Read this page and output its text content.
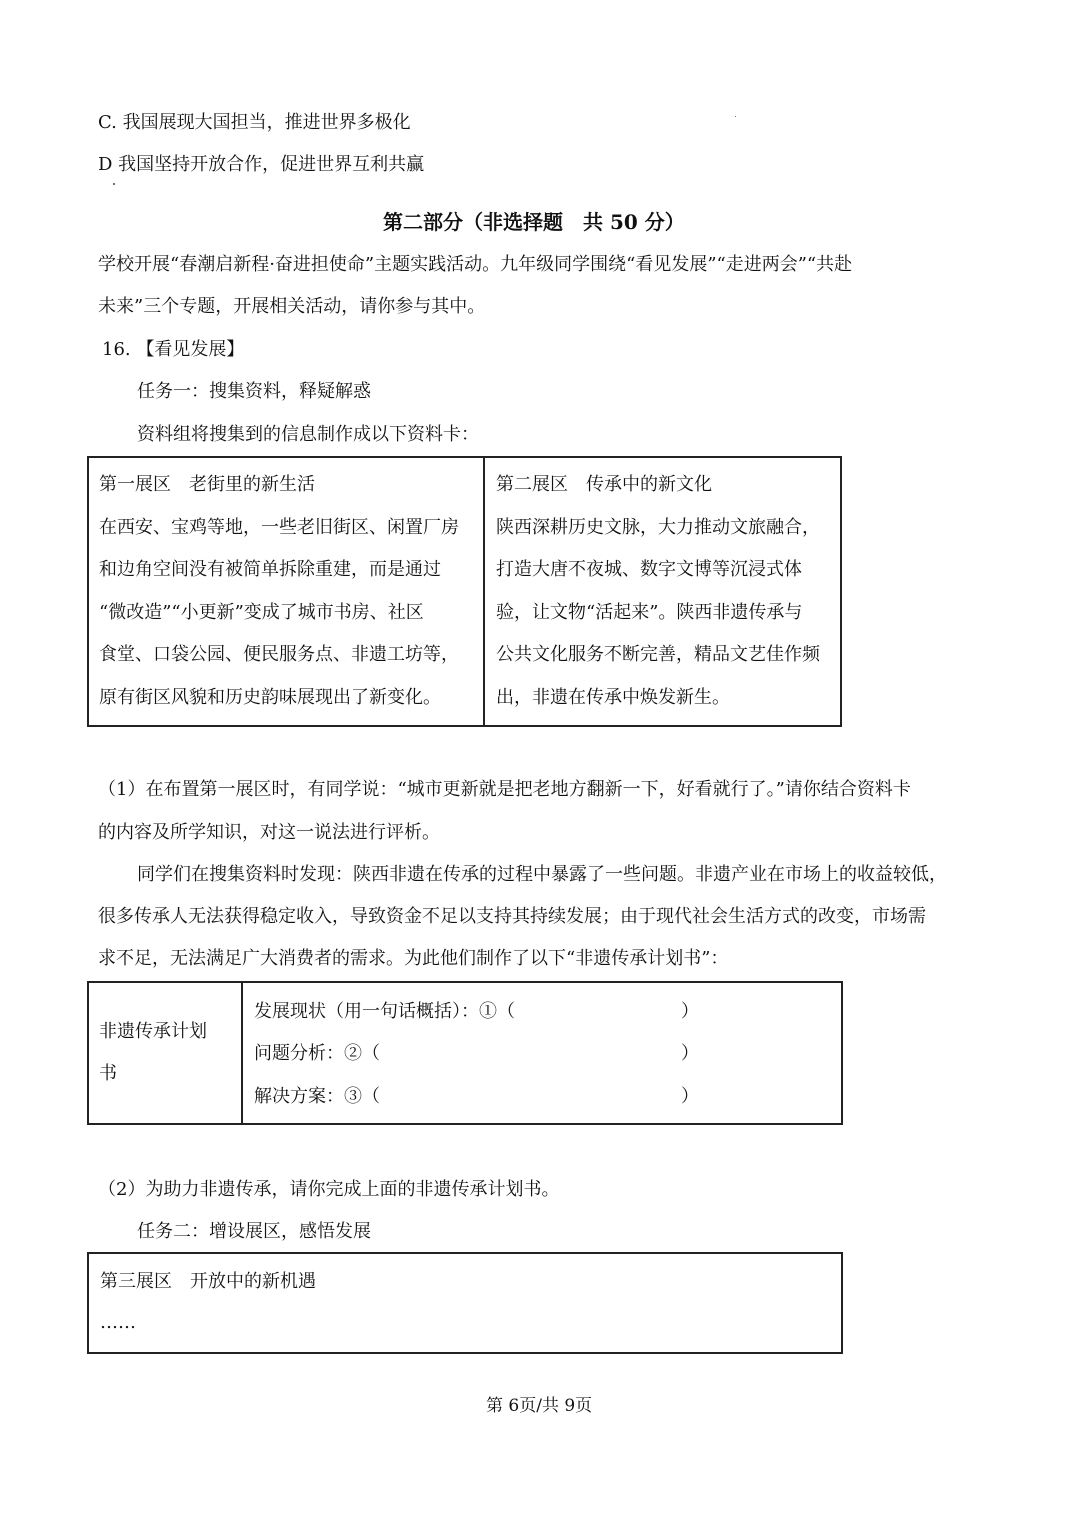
C. 我国展现大国担当，推进世界多极化
D 我国坚持开放合作，促进世界互利共赢
第二部分（非选择题　共 50 分）
学校开展“春潮启新程·奋进担使命”主题实践活动。九年级同学围绕“看见发展”“走进两会”“共赴
未来”三个专题，开展相关活动，请你参与其中。
16. 【看见发展】
任务一：搜集资料，释疑解惑
资料组将搜集到的信息制作成以下资料卡：
第一展区　老街里的新生活
在西安、宝鸡等地，一些老旧街区、闲置厂房
和边角空间没有被简单拆除重建，而是通过
“微改造”“小更新”变成了城市书房、社区
食堂、口袋公园、便民服务点、非遗工坊等，
原有街区风貌和历史韵味展现出了新变化。
第二展区　传承中的新文化
陕西深耕历史文脉，大力推动文旅融合，
打造大唐不夜城、数字文博等沉浸式体
验，让文物“活起来”。陕西非遗传承与
公共文化服务不断完善，精品文艺佳作频
出，非遗在传承中焕发新生。
（1）在布置第一展区时，有同学说：“城市更新就是把老地方翻新一下，好看就行了。”请你结合资料卡
的内容及所学知识，对这一说法进行评析。
同学们在搜集资料时发现：陕西非遗在传承的过程中暴露了一些问题。非遗产业在市场上的收益较低，
很多传承人无法获得稳定收入，导致资金不足以支持其持续发展；由于现代社会生活方式的改变，市场需
求不足，无法满足广大消费者的需求。为此他们制作了以下“非遗传承计划书”：
非遗传承计划
书
发展现状（用一句话概括）：①（	）
问题分析：②（	）
解决方案：③（	）
（2）为助力非遗传承，请你完成上面的非遗传承计划书。
任务二：增设展区，感悟发展
第三展区　开放中的新机遇
……
第 6页/共 9页
